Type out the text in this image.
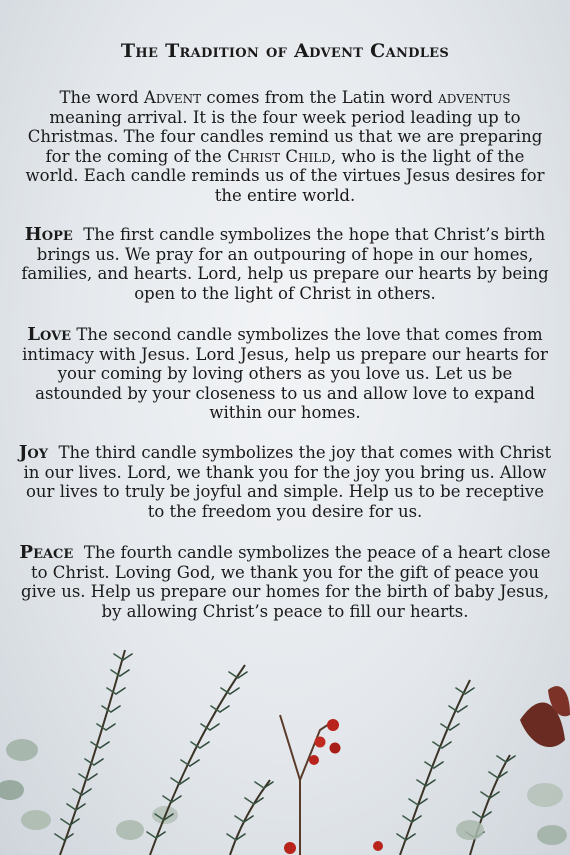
The Tradition of Advent Candles
The word Advent comes from the Latin word adventus meaning arrival. It is the four week period leading up to Christmas. The four candles remind us that we are preparing for the coming of the Christ Child, who is the light of the world. Each candle reminds us of the virtues Jesus desires for the entire world.
Hope The first candle symbolizes the hope that Christ’s birth brings us. We pray for an outpouring of hope in our homes, families, and hearts. Lord, help us prepare our hearts by being open to the light of Christ in others.
Love The second candle symbolizes the love that comes from intimacy with Jesus. Lord Jesus, help us prepare our hearts for your coming by loving others as you love us. Let us be astounded by your closeness to us and allow love to expand within our homes.
Joy The third candle symbolizes the joy that comes with Christ in our lives. Lord, we thank you for the joy you bring us. Allow our lives to truly be joyful and simple. Help us to be receptive to the freedom you desire for us.
Peace The fourth candle symbolizes the peace of a heart close to Christ. Loving God, we thank you for the gift of peace you give us. Help us prepare our homes for the birth of baby Jesus, by allowing Christ’s peace to fill our hearts.
